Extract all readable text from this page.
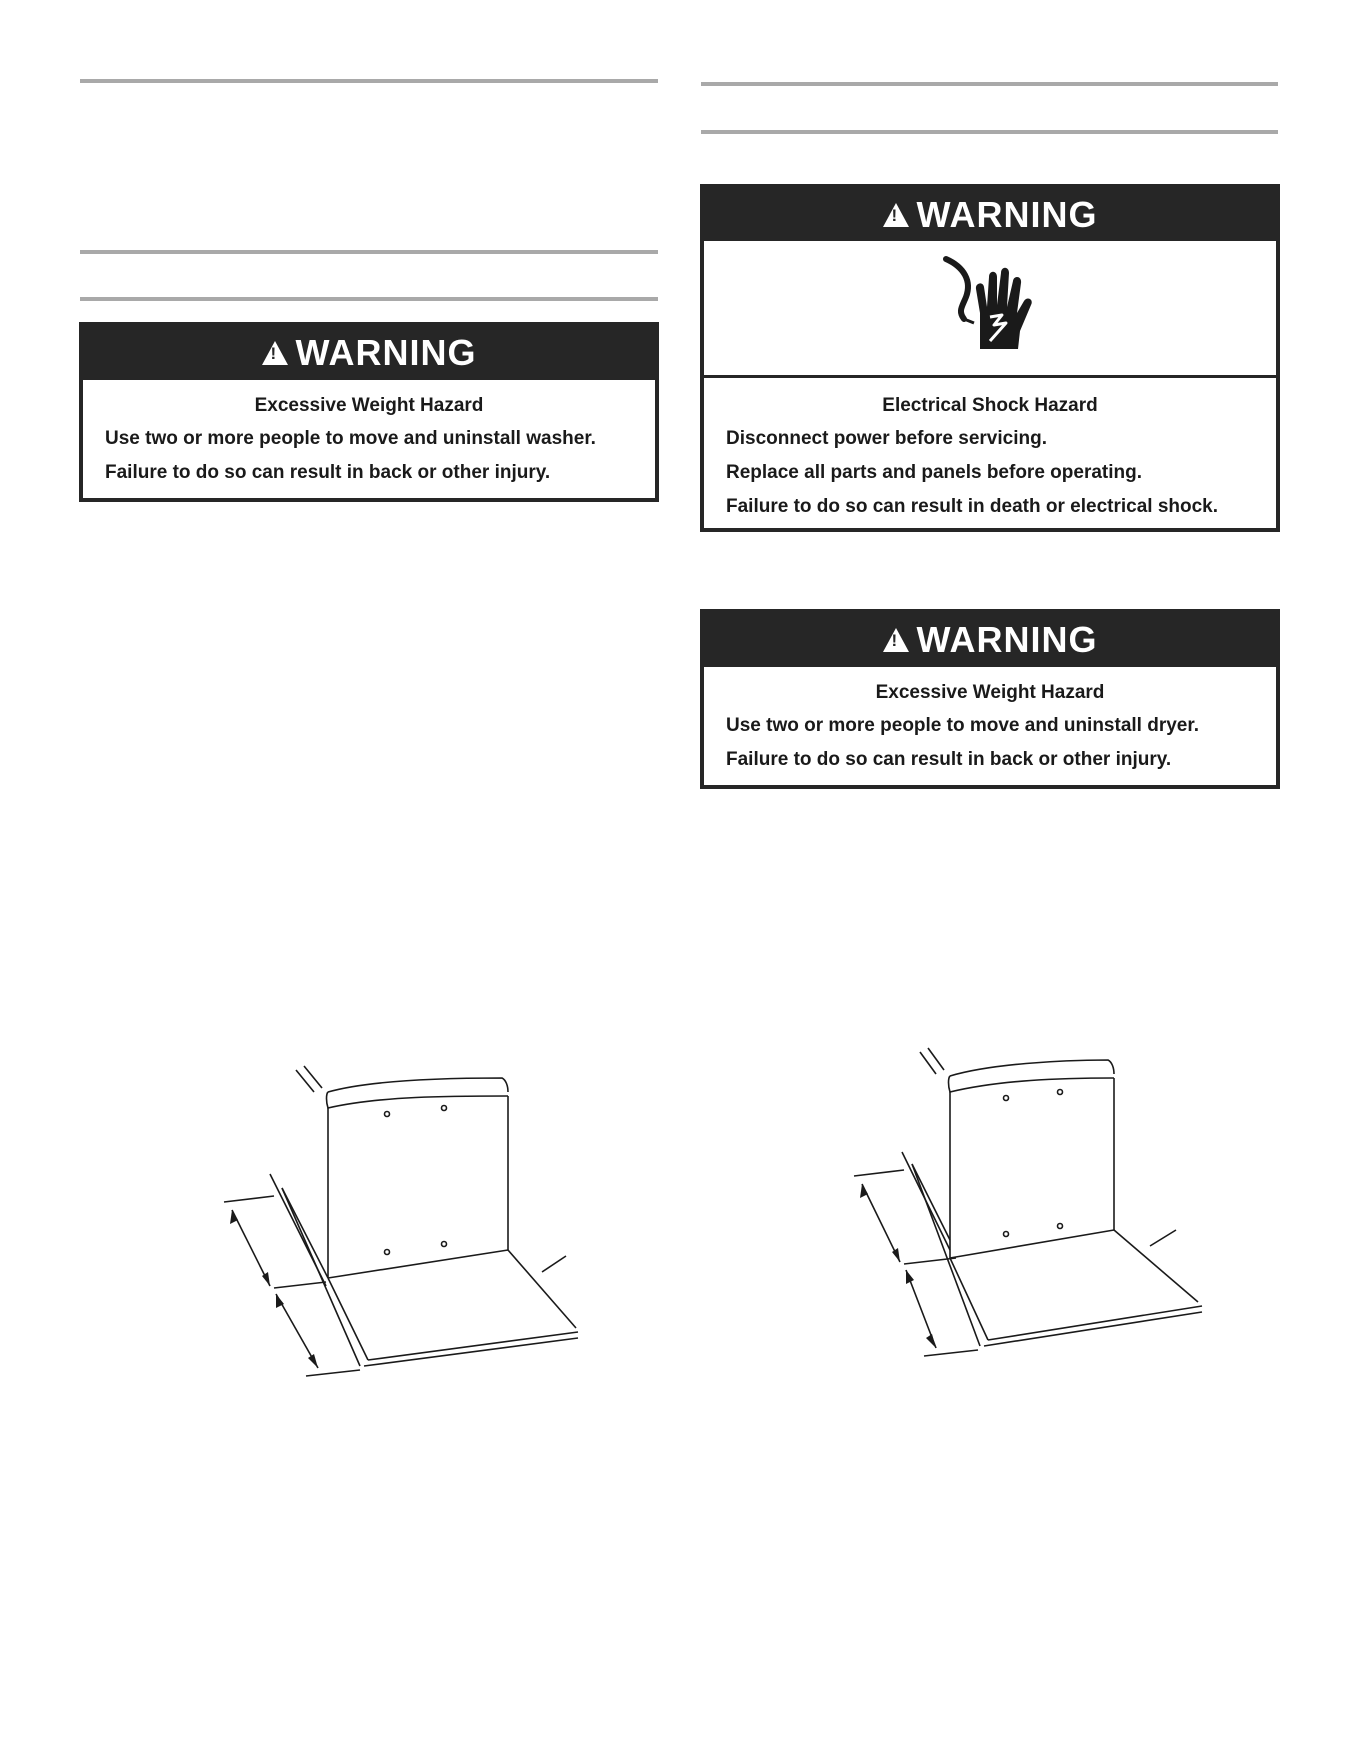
!
WARNING
Excessive Weight Hazard
Use two or more people to move and uninstall washer.
Failure to do so can result in back or other injury.
!
WARNING
Electrical Shock Hazard
Disconnect power before servicing.
Replace all parts and panels before operating.
Failure to do so can result in death or electrical shock.
!
WARNING
Excessive Weight Hazard
Use two or more people to move and uninstall dryer.
Failure to do so can result in back or other injury.
